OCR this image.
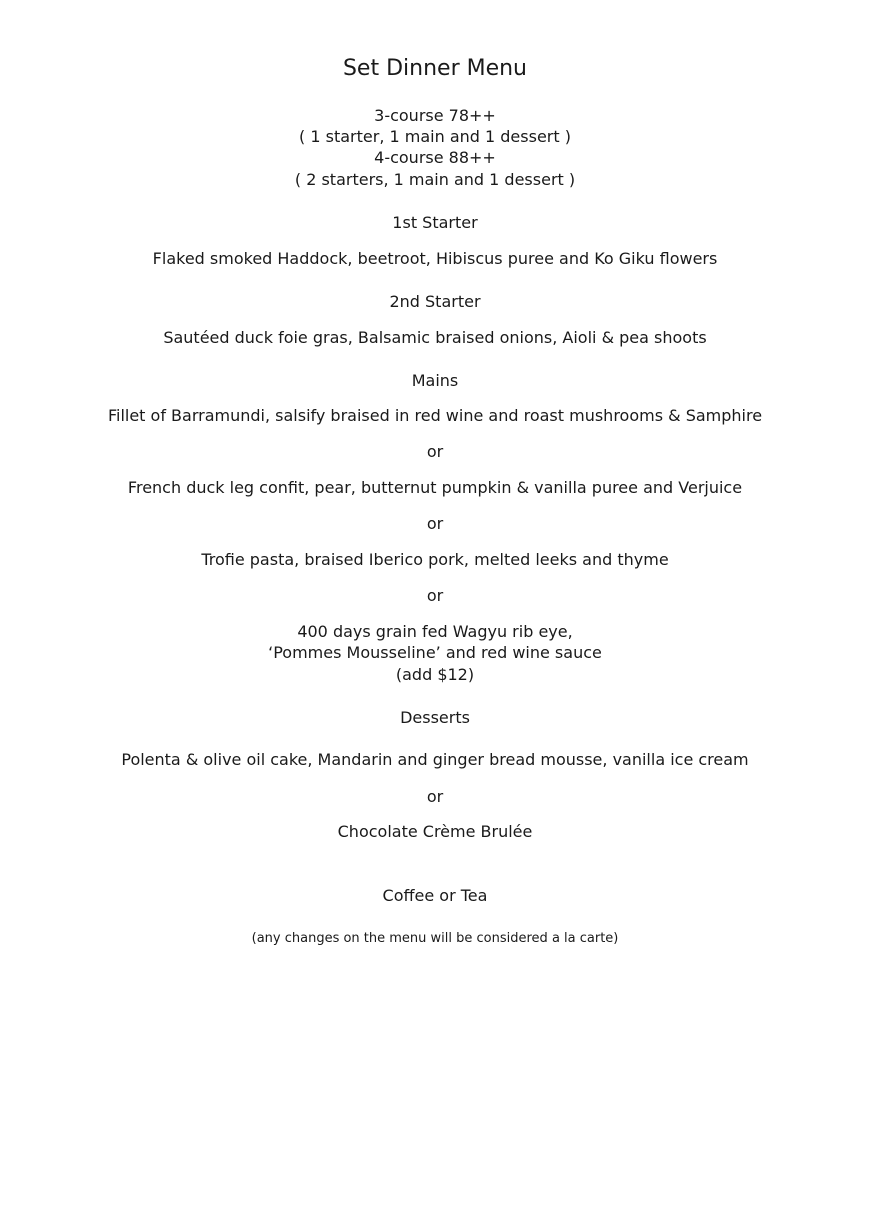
Set Dinner Menu
3-course 78++
( 1 starter, 1 main and 1 dessert )
4-course 88++
( 2 starters, 1 main and 1 dessert )
1st Starter
Flaked smoked Haddock, beetroot, Hibiscus puree and Ko Giku flowers
2nd Starter
Sautéed duck foie gras, Balsamic braised onions, Aioli & pea shoots
Mains
Fillet of Barramundi, salsify braised in red wine and roast mushrooms & Samphire
or
French duck leg confit, pear, butternut pumpkin & vanilla puree and Verjuice
or
Trofie pasta, braised Iberico pork, melted leeks and thyme
or
400 days grain fed Wagyu rib eye,
‘Pommes Mousseline’ and red wine sauce
(add $12)
Desserts
Polenta & olive oil cake, Mandarin and ginger bread mousse, vanilla ice cream
or
Chocolate Crème Brulée
Coffee or Tea
(any changes on the menu will be considered a la carte)
